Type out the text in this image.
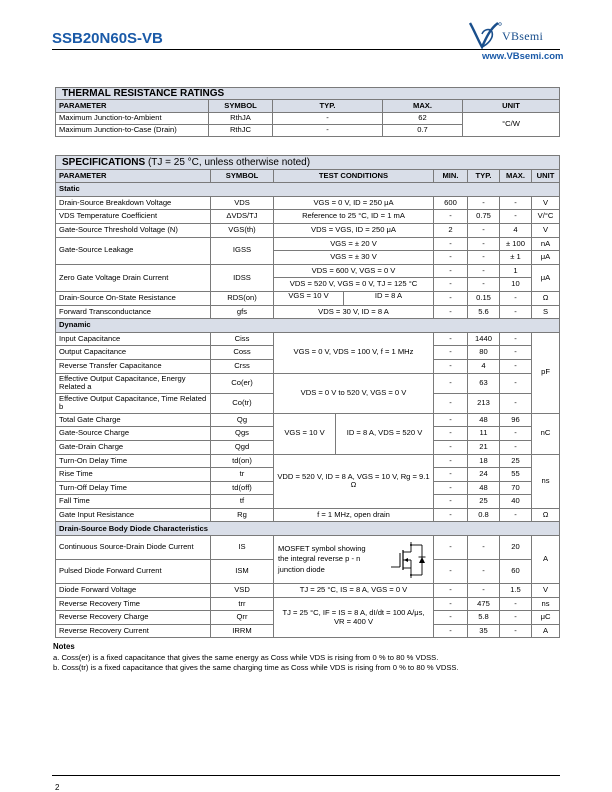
SSB20N60S-VB	VBsemi
www.VBsemi.com
THERMAL RESISTANCE RATINGS				
PARAMETER	SYMBOL	TYP.	MAX.	UNIT
Maximum Junction-to-Ambient	RthJA	-	62	°C/W
Maximum Junction-to-Case (Drain)	RthJC	-	0.7	
SPECIFICATIONS (TJ = 25 °C, unless otherwise noted)						
PARAMETER	SYMBOL	TEST CONDITIONS	MIN.	TYP.	MAX.	UNIT
Static						
Drain-Source Breakdown Voltage	VDS	VGS = 0 V, ID = 250 μA	600	-	-	V
VDS Temperature Coefficient	ΔVDS/TJ	Reference to 25 °C, ID = 1 mA	-	0.75	-	V/°C
Gate-Source Threshold Voltage (N)	VGS(th)	VDS = VGS, ID = 250 μA	2	-	4	V
Gate-Source Leakage	IGSS	VGS = ± 20 V	-	-	± 100	nA
		VGS = ± 30 V	-	-	± 1	μA
Zero Gate Voltage Drain Current	IDSS	VDS = 600 V, VGS = 0 V	-	-	1	μA
		VDS = 520 V, VGS = 0 V, TJ = 125 °C	-	-	10	
Drain-Source On-State Resistance	RDS(on)	VGS = 10 V ID = 8 A	-	0.15	-	Ω
Forward Transconductance	gfs	VDS = 30 V, ID = 8 A	-	5.6	-	S
Dynamic						
Input Capacitance	Ciss	VGS = 0 V, VDS = 100 V, f = 1 MHz	-	1440	-	pF
Output Capacitance	Coss		-	80	-	
Reverse Transfer Capacitance	Crss		-	4	-	
Effective Output Capacitance, Energy Related a	Co(er)	VDS = 0 V to 520 V, VGS = 0 V	-	63	-	
Effective Output Capacitance, Time Related b	Co(tr)		-	213	-	
Total Gate Charge	Qg	VGS = 10 V ID = 8 A, VDS = 520 V	-	48	96	nC
Gate-Source Charge	Qgs		-	11	-	
Gate-Drain Charge	Qgd		-	21	-	
Turn-On Delay Time	td(on)	VDD = 520 V, ID = 8 A, VGS = 10 V, Rg = 9.1 Ω	-	18	25	ns
Rise Time	tr		-	24	55	
Turn-Off Delay Time	td(off)		-	48	70	
Fall Time	tf		-	25	40	
Gate Input Resistance	Rg	f = 1 MHz, open drain	-	0.8	-	Ω
Drain-Source Body Diode Characteristics						
Continuous Source-Drain Diode Current	IS	MOSFET symbol showing the integral reverse p - n junction diode	-	-	20	A
Pulsed Diode Forward Current	ISM		-	-	60	
Diode Forward Voltage	VSD	TJ = 25 °C, IS = 8 A, VGS = 0 V	-	-	1.5	V
Reverse Recovery Time	trr	TJ = 25 °C, IF = IS = 8 A, dI/dt = 100 A/μs, VR = 400 V	-	475	-	ns
Reverse Recovery Charge	Qrr		-	5.8	-	μC
Reverse Recovery Current	IRRM		-	35	-	A
Notes
a. Coss(er) is a fixed capacitance that gives the same energy as Coss while VDS is rising from 0 % to 80 % VDSS.
b. Coss(tr) is a fixed capacitance that gives the same charging time as Coss while VDS is rising from 0 % to 80 % VDSS.
2
